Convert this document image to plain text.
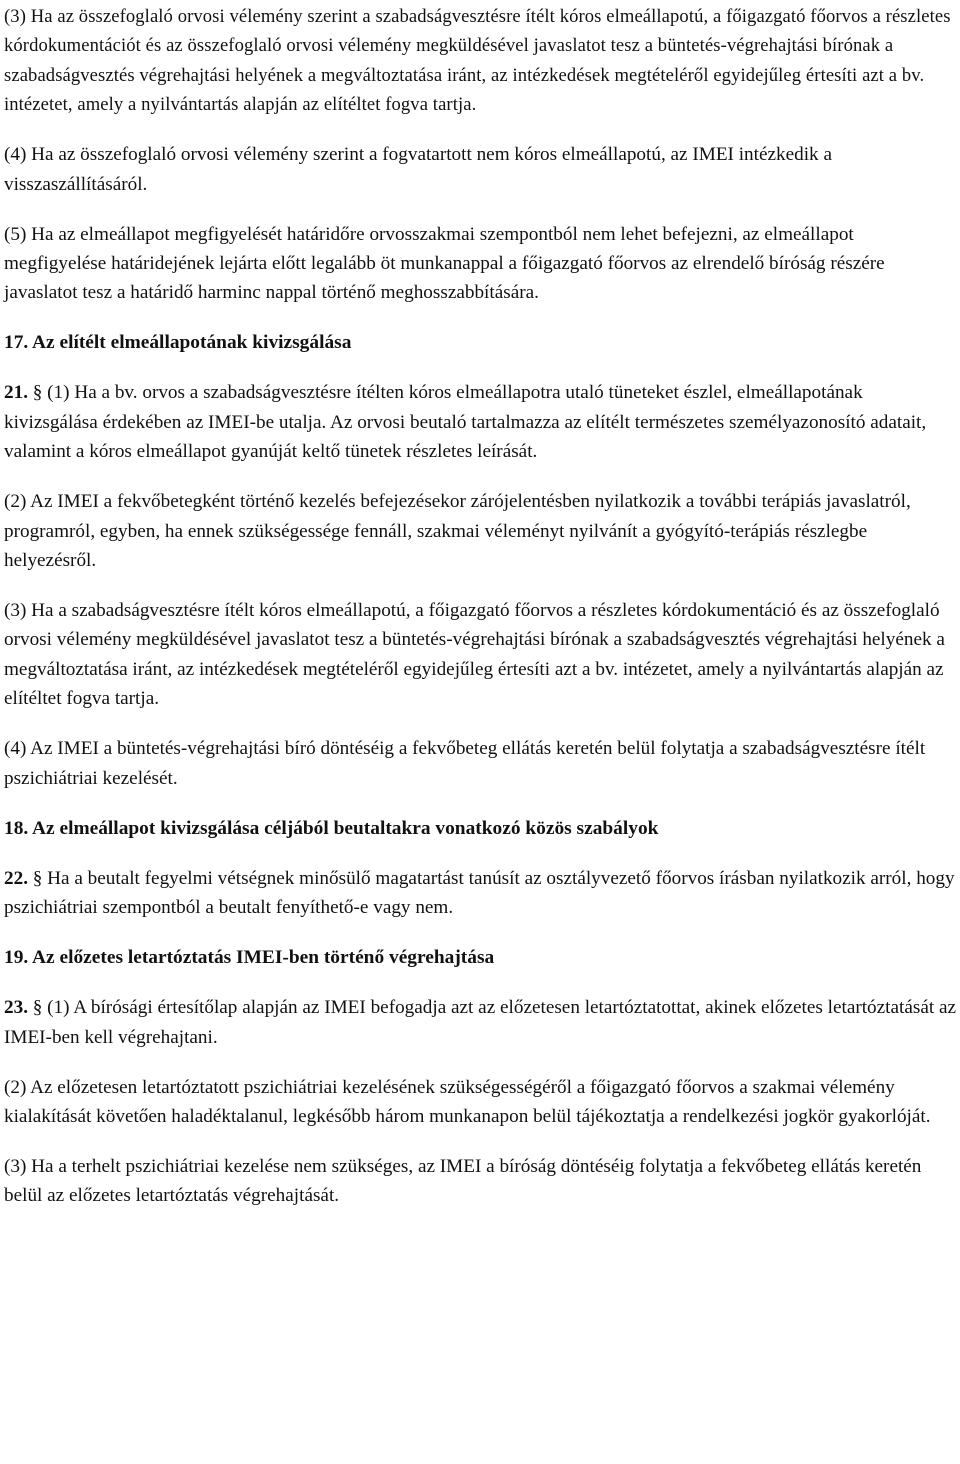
(3) Ha az összefoglaló orvosi vélemény szerint a szabadságvesztésre ítélt kóros elmeállapotú, a főigazgató főorvos a részletes kórdokumentációt és az összefoglaló orvosi vélemény megküldésével javaslatot tesz a büntetés-végrehajtási bírónak a szabadságvesztés végrehajtási helyének a megváltoztatása iránt, az intézkedések megtételéről egyidejűleg értesíti azt a bv. intézetet, amely a nyilvántartás alapján az elítéltet fogva tartja.

(4) Ha az összefoglaló orvosi vélemény szerint a fogvatartott nem kóros elmeállapotú, az IMEI intézkedik a visszaszállításáról.

(5) Ha az elmeállapot megfigyelését határidőre orvosszakmai szempontból nem lehet befejezni, az elmeállapot megfigyelése határidejének lejárta előtt legalább öt munkanappal a főigazgató főorvos az elrendelő bíróság részére javaslatot tesz a határidő harminc nappal történő meghosszabbítására.

17. Az elítélt elmeállapotának kivizsgálása

21. § (1) Ha a bv. orvos a szabadságvesztésre ítélten kóros elmeállapotra utaló tüneteket észlel, elmeállapotának kivizsgálása érdekében az IMEI-be utalja. Az orvosi beutaló tartalmazza az elítélt természetes személyazonosító adatait, valamint a kóros elmeállapot gyanúját keltő tünetek részletes leírását.

(2) Az IMEI a fekvőbetegként történő kezelés befejezésekor zárójelentésben nyilatkozik a további terápiás javaslatról, programról, egyben, ha ennek szükségessége fennáll, szakmai véleményt nyilvánít a gyógyító-terápiás részlegbe helyezésről.

(3) Ha a szabadságvesztésre ítélt kóros elmeállapotú, a főigazgató főorvos a részletes kórdokumentáció és az összefoglaló orvosi vélemény megküldésével javaslatot tesz a büntetés-végrehajtási bírónak a szabadságvesztés végrehajtási helyének a megváltoztatása iránt, az intézkedések megtételéről egyidejűleg értesíti azt a bv. intézetet, amely a nyilvántartás alapján az elítéltet fogva tartja.

(4) Az IMEI a büntetés-végrehajtási bíró döntéséig a fekvőbeteg ellátás keretén belül folytatja a szabadságvesztésre ítélt pszichiátriai kezelését.

18. Az elmeállapot kivizsgálása céljából beutaltakra vonatkozó közös szabályok

22. § Ha a beutalt fegyelmi vétségnek minősülő magatartást tanúsít az osztályvezető főorvos írásban nyilatkozik arról, hogy pszichiátriai szempontból a beutalt fenyíthető-e vagy nem.

19. Az előzetes letartóztatás IMEI-ben történő végrehajtása

23. § (1) A bírósági értesítőlap alapján az IMEI befogadja azt az előzetesen letartóztatottat, akinek előzetes letartóztatását az IMEI-ben kell végrehajtani.

(2) Az előzetesen letartóztatott pszichiátriai kezelésének szükségességéről a főigazgató főorvos a szakmai vélemény kialakítását követően haladéktalanul, legkésőbb három munkanapon belül tájékoztatja a rendelkezési jogkör gyakorlóját.

(3) Ha a terhelt pszichiátriai kezelése nem szükséges, az IMEI a bíróság döntéséig folytatja a fekvőbeteg ellátás keretén belül az előzetes letartóztatás végrehajtását.
